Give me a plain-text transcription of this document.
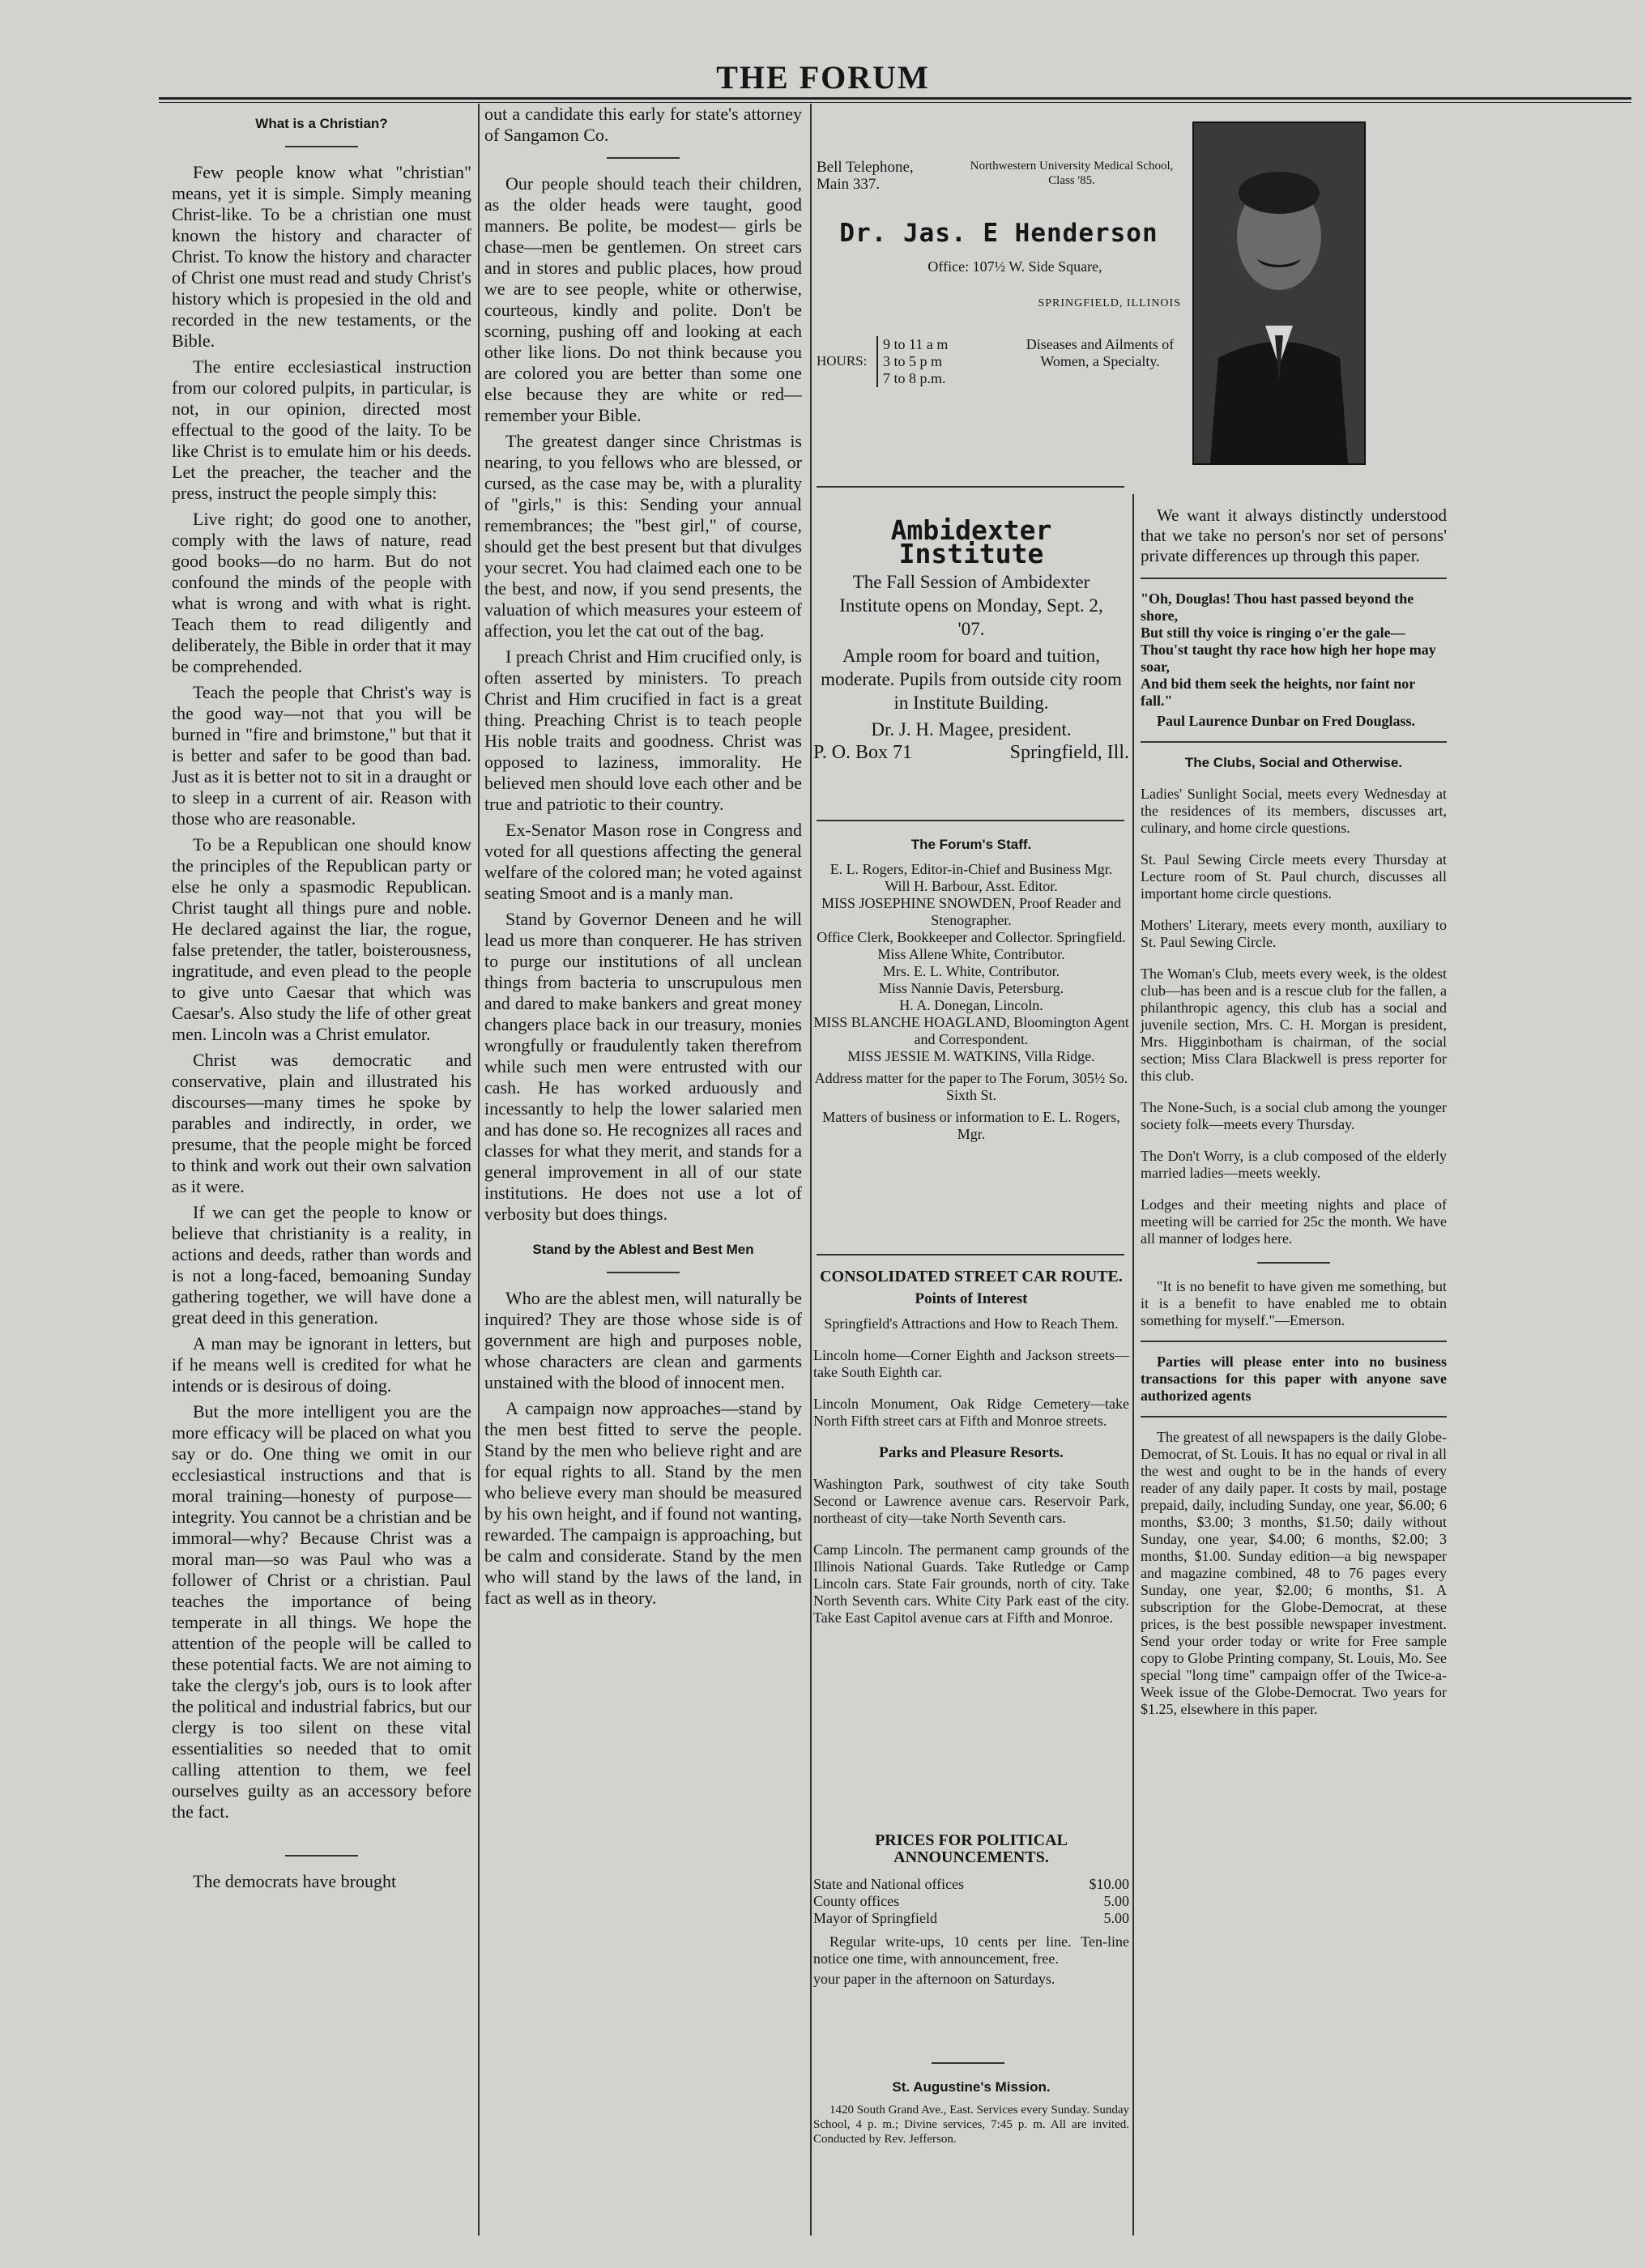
THE FORUM
What is a Christian?

Few people know what "christian" means, yet it is simple. Simply meaning Christ-like. To be a christian one must known the history and character of Christ. To know the history and character of Christ one must read and study Christ's history which is propesied in the old and recorded in the new testaments, or the Bible.

The entire ecclesiastical instruction from our colored pulpits, in particular, is not, in our opinion, directed most effectual to the good of the laity. To be like Christ is to emulate him or his deeds. Let the preacher, the teacher and the press, instruct the people simply this:

Live right; do good one to another, comply with the laws of nature, read good books—do no harm. But do not confound the minds of the people with what is wrong and with what is right. Teach them to read diligently and deliberately, the Bible in order that it may be comprehended.

Teach the people that Christ's way is the good way—not that you will be burned in "fire and brimstone," but that it is better and safer to be good than bad. Just as it is better not to sit in a draught or to sleep in a current of air. Reason with those who are reasonable.

To be a Republican one should know the principles of the Republican party or else he only a spasmodic Republican. Christ taught all things pure and noble. He declared against the liar, the rogue, false pretender, the tatler, boisterousness, ingratitude, and even plead to the people to give unto Caesar that which was Caesar's. Also study the life of other great men. Lincoln was a Christ emulator.

Christ was democratic and conservative, plain and illustrated his discourses—many times he spoke by parables and indirectly, in order, we presume, that the people might be forced to think and work out their own salvation as it were.

If we can get the people to know or believe that christianity is a reality, in actions and deeds, rather than words and is not a long-faced, bemoaning Sunday gathering together, we will have done a great deed in this generation.

A man may be ignorant in letters, but if he means well is credited for what he intends or is desirous of doing.

But the more intelligent you are the more efficacy will be placed on what you say or do. One thing we omit in our ecclesiastical instructions and that is moral training—honesty of purpose—integrity. You cannot be a christian and be immoral—why? Because Christ was a moral man—so was Paul who was a follower of Christ or a christian. Paul teaches the importance of being temperate in all things. We hope the attention of the people will be called to these potential facts. We are not aiming to take the clergy's job, ours is to look after the political and industrial fabrics, but our clergy is too silent on these vital essentialities so needed that to omit calling attention to them, we feel ourselves guilty as an accessory before the fact.

The democrats have brought

out a candidate this early for state's attorney of Sangamon Co.

Our people should teach their children, as the older heads were taught, good manners. Be polite, be modest— girls be chase—men be gentlemen. On street cars and in stores and public places, how proud we are to see people, white or otherwise, courteous, kindly and polite. Don't be scorning, pushing off and looking at each other like lions. Do not think because you are colored you are better than some one else because they are white or red—remember your Bible.

The greatest danger since Christmas is nearing, to you fellows who are blessed, or cursed, as the case may be, with a plurality of "girls," is this: Sending your annual remembrances; the "best girl," of course, should get the best present but that divulges your secret. You had claimed each one to be the best, and now, if you send presents, the valuation of which measures your esteem of affection, you let the cat out of the bag.

I preach Christ and Him crucified only, is often asserted by ministers. To preach Christ and Him crucified in fact is a great thing. Preaching Christ is to teach people His noble traits and goodness. Christ was opposed to laziness, immorality. He believed men should love each other and be true and patriotic to their country.

Ex-Senator Mason rose in Congress and voted for all questions affecting the general welfare of the colored man; he voted against seating Smoot and is a manly man.

Stand by Governor Deneen and he will lead us more than conquerer. He has striven to purge our institutions of all unclean things from bacteria to unscrupulous men and dared to make bankers and great money changers place back in our treasury, monies wrongfully or fraudulently taken therefrom while such men were entrusted with our cash. He has worked arduously and incessantly to help the lower salaried men and has done so. He recognizes all races and classes for what they merit, and stands for a general improvement in all of our state institutions. He does not use a lot of verbosity but does things.

Stand by the Ablest and Best Men

Who are the ablest men, will naturally be inquired? They are those whose side is of government are high and purposes noble, whose characters are clean and garments unstained with the blood of innocent men.

A campaign now approaches—stand by the men best fitted to serve the people. Stand by the men who believe right and are for equal rights to all. Stand by the men who believe every man should be measured by his own height, and if found not wanting, rewarded. The campaign is approaching, but be calm and considerate. Stand by the men who will stand by the laws of the land, in fact as well as in theory.

Bell Telephone, Main 337.
Northwestern University Medical School, Class '85.
Dr. Jas. E Henderson
Office: 107½ W. Side Square,
SPRINGFIELD, ILLINOIS
HOURS:
9 to 11 a m
3 to 5 p m
7 to 8 p.m.
Diseases and Ailments of Women, a Specialty.
Ambidexter Institute
The Fall Session of Ambidexter Institute opens on Monday, Sept. 2, '07.
Ample room for board and tuition, moderate. Pupils from outside city room in Institute Building.
Dr. J. H. Magee, president.
P. O. Box 71	Springfield, Ill.
The Forum's Staff.
E. L. Rogers, Editor-in-Chief and Business Mgr.
Will H. Barbour, Asst. Editor.
MISS JOSEPHINE SNOWDEN, Proof Reader and Stenographer.
Office Clerk, Bookkeeper and Collector. Springfield.
Miss Allene White, Contributor.
Mrs. E. L. White, Contributor.
Miss Nannie Davis, Petersburg.
H. A. Donegan, Lincoln.
MISS BLANCHE HOAGLAND, Bloomington Agent and Correspondent.
MISS JESSIE M. WATKINS, Villa Ridge.
Address matter for the paper to The Forum, 305½ So. Sixth St.
Matters of business or information to E. L. Rogers, Mgr.
CONSOLIDATED STREET CAR ROUTE.
Points of Interest
Springfield's Attractions and How to Reach Them.

Lincoln home—Corner Eighth and Jackson streets—take South Eighth car.

Lincoln Monument, Oak Ridge Cemetery—take North Fifth street cars at Fifth and Monroe streets.

Parks and Pleasure Resorts.

Washington Park, southwest of city take South Second or Lawrence avenue cars. Reservoir Park, northeast of city—take North Seventh cars.

Camp Lincoln. The permanent camp grounds of the Illinois National Guards. Take Rutledge or Camp Lincoln cars. State Fair grounds, north of city. Take North Seventh cars. White City Park east of the city. Take East Capitol avenue cars at Fifth and Monroe.

PRICES FOR POLITICAL ANNOUNCEMENTS.
State and National offices	$10.00
County offices	5.00
Mayor of Springfield	5.00
Regular write-ups, 10 cents per line. Ten-line notice one time, with announcement, free.
your paper in the afternoon on Saturdays.
St. Augustine's Mission.
1420 South Grand Ave., East. Services every Sunday. Sunday School, 4 p. m.; Divine services, 7:45 p. m. All are invited. Conducted by Rev. Jefferson.
We want it always distinctly understood that we take no person's nor set of persons' private differences up through this paper.
"Oh, Douglas! Thou hast passed beyond the shore,
But still thy voice is ringing o'er the gale—
Thou'st taught thy race how high her hope may soar,
And bid them seek the heights, nor faint nor fall."
Paul Laurence Dunbar on Fred Douglass.
The Clubs, Social and Otherwise.

Ladies' Sunlight Social, meets every Wednesday at the residences of its members, discusses art, culinary, and home circle questions.

St. Paul Sewing Circle meets every Thursday at Lecture room of St. Paul church, discusses all important home circle questions.

Mothers' Literary, meets every month, auxiliary to St. Paul Sewing Circle.

The Woman's Club, meets every week, is the oldest club—has been and is a rescue club for the fallen, a philanthropic agency, this club has a social and juvenile section, Mrs. C. H. Morgan is president, Mrs. Higginbotham is chairman, of the social section; Miss Clara Blackwell is press reporter for this club.

The None-Such, is a social club among the younger society folk—meets every Thursday.

The Don't Worry, is a club composed of the elderly married ladies—meets weekly.

Lodges and their meeting nights and place of meeting will be carried for 25c the month. We have all manner of lodges here.

"It is no benefit to have given me something, but it is a benefit to have enabled me to obtain something for myself."—Emerson.
Parties will please enter into no business transactions for this paper with anyone save authorized agents
The greatest of all newspapers is the daily Globe-Democrat, of St. Louis. It has no equal or rival in all the west and ought to be in the hands of every reader of any daily paper. It costs by mail, postage prepaid, daily, including Sunday, one year, $6.00; 6 months, $3.00; 3 months, $1.50; daily without Sunday, one year, $4.00; 6 months, $2.00; 3 months, $1.00. Sunday edition—a big newspaper and magazine combined, 48 to 76 pages every Sunday, one year, $2.00; 6 months, $1. A subscription for the Globe-Democrat, at these prices, is the best possible newspaper investment. Send your order today or write for Free sample copy to Globe Printing company, St. Louis, Mo. See special "long time" campaign offer of the Twice-a-Week issue of the Globe-Democrat. Two years for $1.25, elsewhere in this paper.
